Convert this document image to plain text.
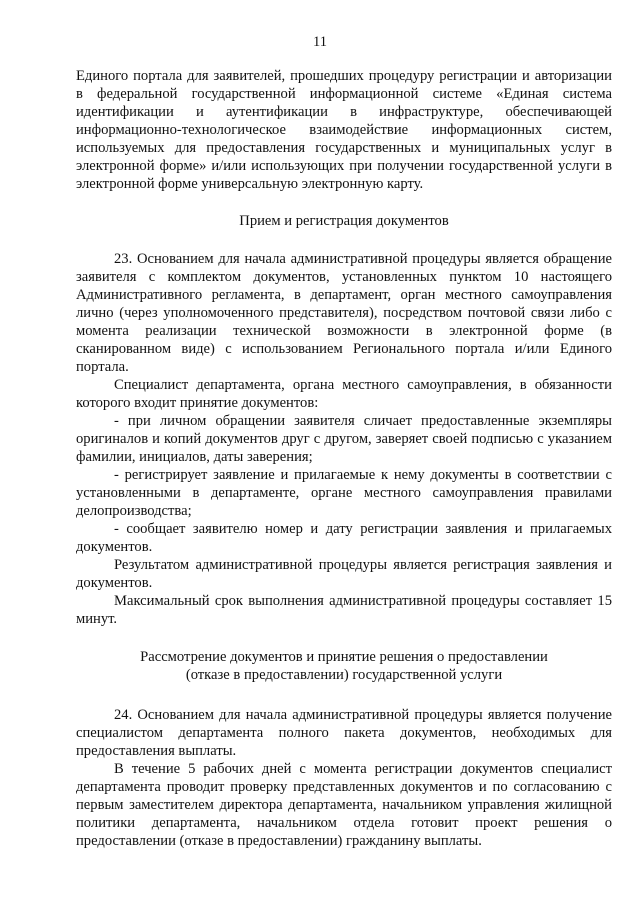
11

Единого портала для заявителей, прошедших процедуру регистрации и авторизации в федеральной государственной информационной системе «Единая система идентификации и аутентификации в инфраструктуре, обеспечивающей информационно-технологическое взаимодействие информационных систем, используемых для предоставления государственных и муниципальных услуг в электронной форме» и/или использующих при получении государственной услуги в электронной форме универсальную электронную карту.

Прием и регистрация документов

23. Основанием для начала административной процедуры является обращение заявителя с комплектом документов, установленных пунктом 10 настоящего Административного регламента, в департамент, орган местного самоуправления лично (через уполномоченного представителя), посредством почтовой связи либо с момента реализации технической возможности в электронной форме (в сканированном виде) с использованием Регионального портала и/или Единого портала.

Специалист департамента, органа местного самоуправления, в обязанности которого входит принятие документов:

- при личном обращении заявителя сличает предоставленные экземпляры оригиналов и копий документов друг с другом, заверяет своей подписью с указанием фамилии, инициалов, даты заверения;

- регистрирует заявление и прилагаемые к нему документы в соответствии с установленными в департаменте, органе местного самоуправления правилами делопроизводства;

- сообщает заявителю номер и дату регистрации заявления и прилагаемых документов.

Результатом административной процедуры является регистрация заявления и документов.

Максимальный срок выполнения административной процедуры составляет 15 минут.

Рассмотрение документов и принятие решения о предоставлении
(отказе в предоставлении) государственной услуги

24. Основанием для начала административной процедуры является получение специалистом департамента полного пакета документов, необходимых для предоставления выплаты.

В течение 5 рабочих дней с момента регистрации документов специалист департамента проводит проверку представленных документов и по согласованию с первым заместителем директора департамента, начальником управления жилищной политики департамента, начальником отдела готовит проект решения о предоставлении (отказе в предоставлении) гражданину выплаты.
